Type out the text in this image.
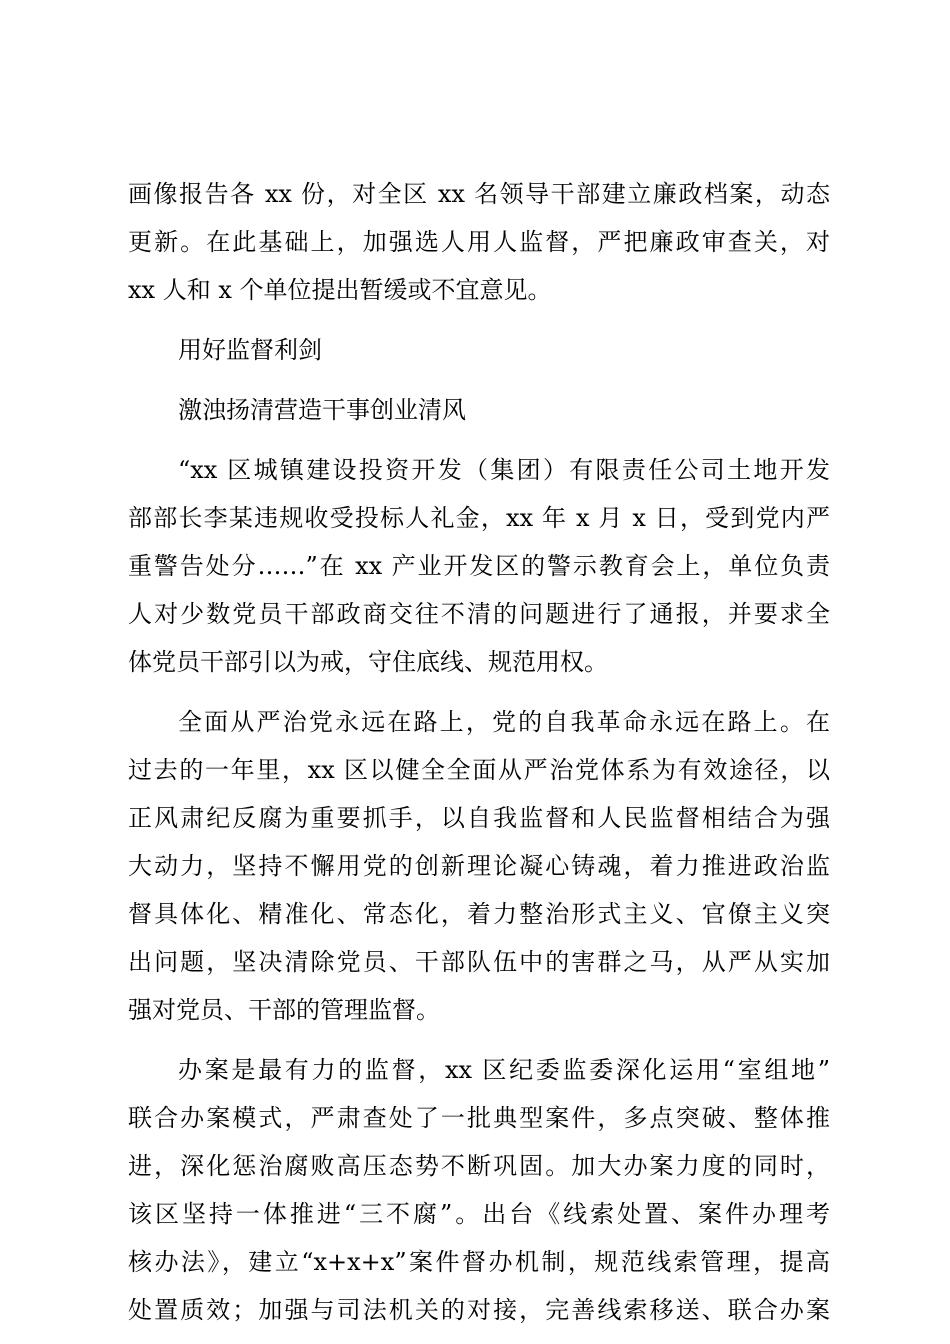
画像报告各 xx 份，对全区 xx 名领导干部建立廉政档案，动态
更新。在此基础上，加强选人用人监督，严把廉政审查关，对
xx 人和 x 个单位提出暂缓或不宜意见。
用好监督利剑
激浊扬清营造干事创业清风
“xx 区城镇建设投资开发（集团）有限责任公司土地开发
部部长李某违规收受投标人礼金，xx 年 x 月 x 日，受到党内严
重警告处分……”在 xx 产业开发区的警示教育会上，单位负责
人对少数党员干部政商交往不清的问题进行了通报，并要求全
体党员干部引以为戒，守住底线、规范用权。
全面从严治党永远在路上，党的自我革命永远在路上。在
过去的一年里，xx 区以健全全面从严治党体系为有效途径，以
正风肃纪反腐为重要抓手，以自我监督和人民监督相结合为强
大动力，坚持不懈用党的创新理论凝心铸魂，着力推进政治监
督具体化、精准化、常态化，着力整治形式主义、官僚主义突
出问题，坚决清除党员、干部队伍中的害群之马，从严从实加
强对党员、干部的管理监督。
办案是最有力的监督，xx 区纪委监委深化运用“室组地”
联合办案模式，严肃查处了一批典型案件，多点突破、整体推
进，深化惩治腐败高压态势不断巩固。加大办案力度的同时，
该区坚持一体推进“三不腐”。出台《线索处置、案件办理考
核办法》，建立“x+x+x”案件督办机制，规范线索管理，提高
处置质效；加强与司法机关的对接，完善线索移送、联合办案
